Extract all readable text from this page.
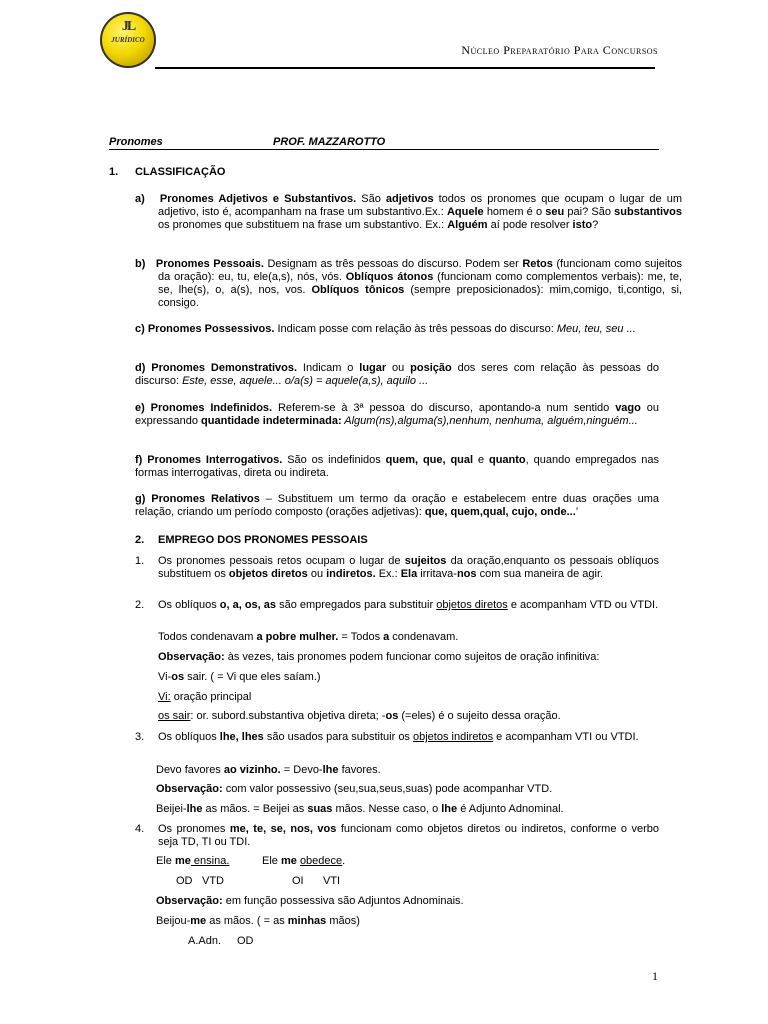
JL
JURÍDICO
Núcleo Preparatório Para Concursos
Pronomes	PROF. MAZZAROTTO
1. CLASSIFICAÇÃO
a) Pronomes Adjetivos e Substantivos. São adjetivos todos os pronomes que ocupam o lugar de um adjetivo, isto é, acompanham na frase um substantivo.Ex.: Aquele homem é o seu pai? São substantivos os pronomes que substituem na frase um substantivo. Ex.: Alguém aí pode resolver isto?
b) Pronomes Pessoais. Designam as três pessoas do discurso. Podem ser Retos (funcionam como sujeitos da oração): eu, tu, ele(a,s), nós, vós. Oblíquos átonos (funcionam como complementos verbais): me, te, se, lhe(s), o, a(s), nos, vos. Oblíquos tônicos (sempre preposicionados): mim,comigo, ti,contigo, si, consigo.
c) Pronomes Possessivos. Indicam posse com relação às três pessoas do discurso: Meu, teu, seu ...
d) Pronomes Demonstrativos. Indicam o lugar ou posição dos seres com relação às pessoas do discurso: Este, esse, aquele... o/a(s) = aquele(a,s), aquilo ...
e) Pronomes Indefinidos. Referem-se à 3ª pessoa do discurso, apontando-a num sentido vago ou expressando quantidade indeterminada: Algum(ns),alguma(s),nenhum, nenhuma, alguém,ninguém...
f) Pronomes Interrogativos. São os indefinidos quem, que, qual e quanto, quando empregados nas formas interrogativas, direta ou indireta.
g) Pronomes Relativos – Substituem um termo da oração e estabelecem entre duas orações uma relação, criando um período composto (orações adjetivas): que, quem,qual, cujo, onde...’
2. EMPREGO DOS PRONOMES PESSOAIS
1. Os pronomes pessoais retos ocupam o lugar de sujeitos da oração,enquanto os pessoais oblíquos substituem os objetos diretos ou indiretos. Ex.: Ela irritava-nos com sua maneira de agir.
2. Os oblíquos o, a, os, as são empregados para substituir objetos diretos e acompanham VTD ou VTDI.
Todos condenavam a pobre mulher. = Todos a condenavam.
Observação: às vezes, tais pronomes podem funcionar como sujeitos de oração infinitiva:
Vi-os sair. ( = Vi que eles saíam.)
Vi: oração principal
os sair: or. subord.substantiva objetiva direta; -os (=eles) é o sujeito dessa oração.
3. Os oblíquos lhe, lhes são usados para substituir os objetos indiretos e acompanham VTI ou VTDI.
Devo favores ao vizinho. = Devo-lhe favores.
Observação: com valor possessivo (seu,sua,seus,suas) pode acompanhar VTD.
Beijei-lhe as mãos. = Beijei as suas mãos. Nesse caso, o lhe é Adjunto Adnominal.
4. Os pronomes me, te, se, nos, vos funcionam como objetos diretos ou indiretos, conforme o verbo seja TD, TI ou TDI.
Ele me ensina.	Ele me obedece.
OD VTD	OI VTI
Observação: em função possessiva são Adjuntos Adnominais.
Beijou-me as mãos. ( = as minhas mãos)
A.Adn. OD
1
